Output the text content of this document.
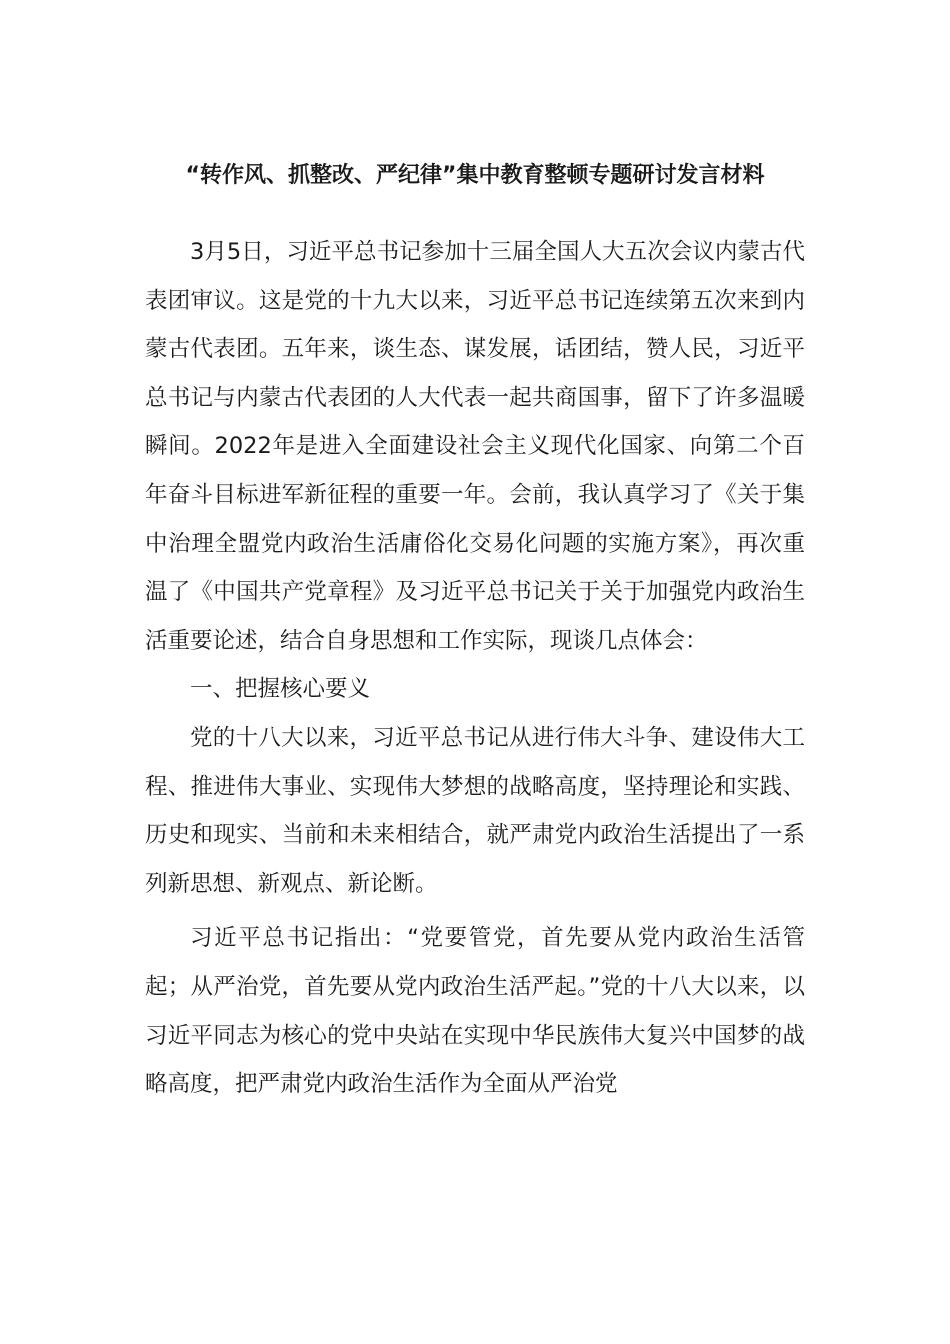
“转作风、抓整改、严纪律”集中教育整顿专题研讨发言材料

3月5日，习近平总书记参加十三届全国人大五次会议内蒙古代表团审议。这是党的十九大以来，习近平总书记连续第五次来到内蒙古代表团。五年来，谈生态、谋发展，话团结，赞人民，习近平总书记与内蒙古代表团的人大代表一起共商国事，留下了许多温暖瞬间。2022年是进入全面建设社会主义现代化国家、向第二个百年奋斗目标进军新征程的重要一年。会前，我认真学习了《关于集中治理全盟党内政治生活庸俗化交易化问题的实施方案》，再次重温了《中国共产党章程》及习近平总书记关于关于加强党内政治生活重要论述，结合自身思想和工作实际，现谈几点体会：

一、把握核心要义

党的十八大以来，习近平总书记从进行伟大斗争、建设伟大工程、推进伟大事业、实现伟大梦想的战略高度，坚持理论和实践、历史和现实、当前和未来相结合，就严肃党内政治生活提出了一系列新思想、新观点、新论断。

习近平总书记指出：“党要管党，首先要从党内政治生活管起；从严治党，首先要从党内政治生活严起。”党的十八大以来，以习近平同志为核心的党中央站在实现中华民族伟大复兴中国梦的战略高度，把严肃党内政治生活作为全面从严治党
